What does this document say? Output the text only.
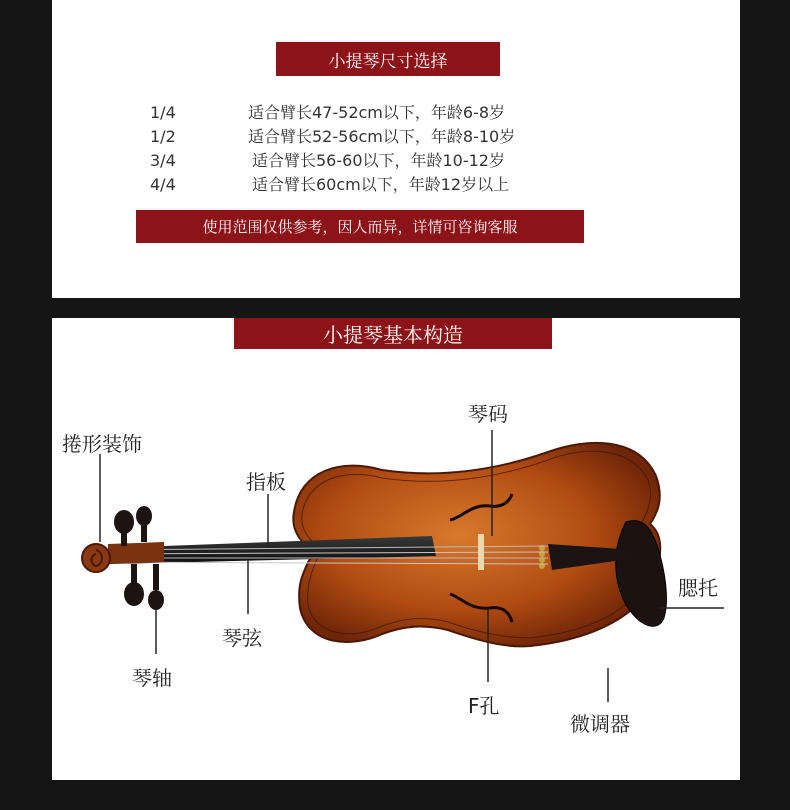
小提琴尺寸选择
1/4	适合臂长47-52cm以下，年龄6-8岁
1/2	适合臂长52-56cm以下，年龄8-10岁
3/4	适合臂长56-60以下，年龄10-12岁
4/4	适合臂长60cm以下，年龄12岁以上
使用范围仅供参考，因人而异，详情可咨询客服
小提琴基本构造
捲形装饰
指板
琴码
腮托
琴弦
琴轴
F孔
微调器
